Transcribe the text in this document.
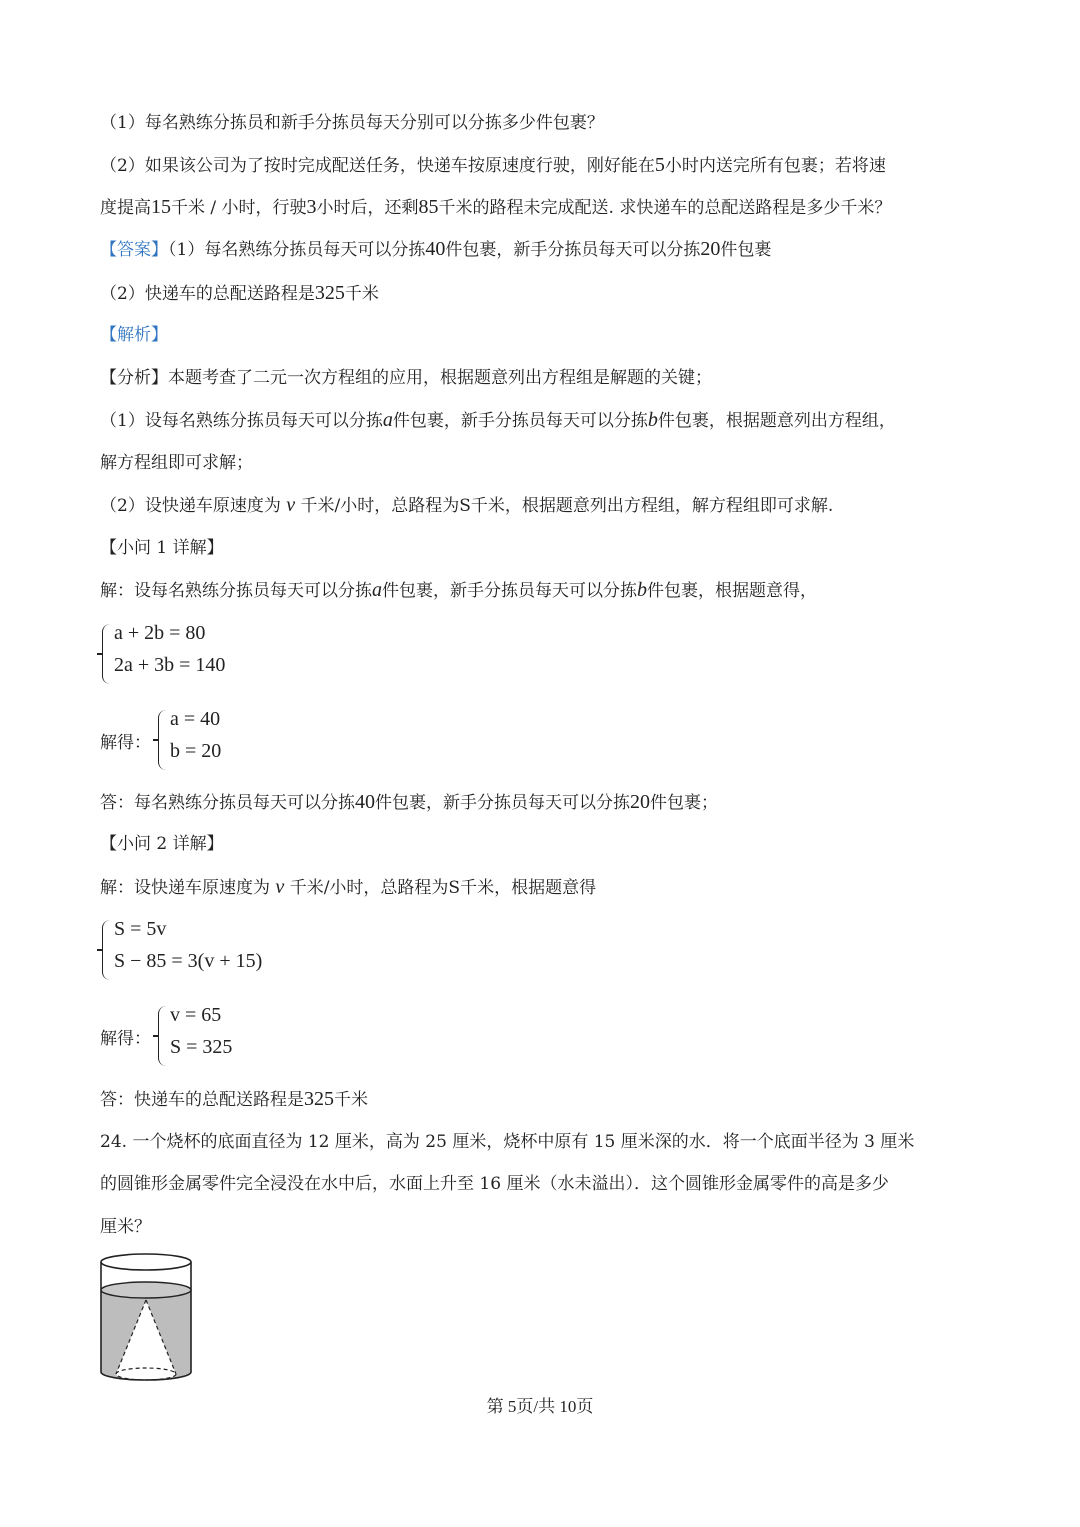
（1）每名熟练分拣员和新手分拣员每天分别可以分拣多少件包裹？
（2）如果该公司为了按时完成配送任务，快递车按原速度行驶，刚好能在5小时内送完所有包裹；若将速
度提高15千米 / 小时，行驶3小时后，还剩85千米的路程未完成配送. 求快递车的总配送路程是多少千米？
【答案】（1）每名熟练分拣员每天可以分拣40件包裹，新手分拣员每天可以分拣20件包裹
（2）快递车的总配送路程是325千米
【解析】
【分析】本题考查了二元一次方程组的应用，根据题意列出方程组是解题的关键；
（1）设每名熟练分拣员每天可以分拣a件包裹，新手分拣员每天可以分拣b件包裹，根据题意列出方程组，
解方程组即可求解；
（2）设快递车原速度为 v 千米/小时，总路程为S千米，根据题意列出方程组，解方程组即可求解.
【小问 1 详解】
解：设每名熟练分拣员每天可以分拣a件包裹，新手分拣员每天可以分拣b件包裹，根据题意得，
a + 2b = 80
2a + 3b = 140
解得：
a = 40
b = 20
答：每名熟练分拣员每天可以分拣40件包裹，新手分拣员每天可以分拣20件包裹；
【小问 2 详解】
解：设快递车原速度为 v 千米/小时，总路程为S千米，根据题意得
S = 5v
S − 85 = 3(v + 15)
解得：
v = 65
S = 325
答：快递车的总配送路程是325千米
24. 一个烧杯的底面直径为 12 厘米，高为 25 厘米，烧杯中原有 15 厘米深的水．将一个底面半径为 3 厘米
的圆锥形金属零件完全浸没在水中后，水面上升至 16 厘米（水未溢出）．这个圆锥形金属零件的高是多少
厘米？
第 5页/共 10页
